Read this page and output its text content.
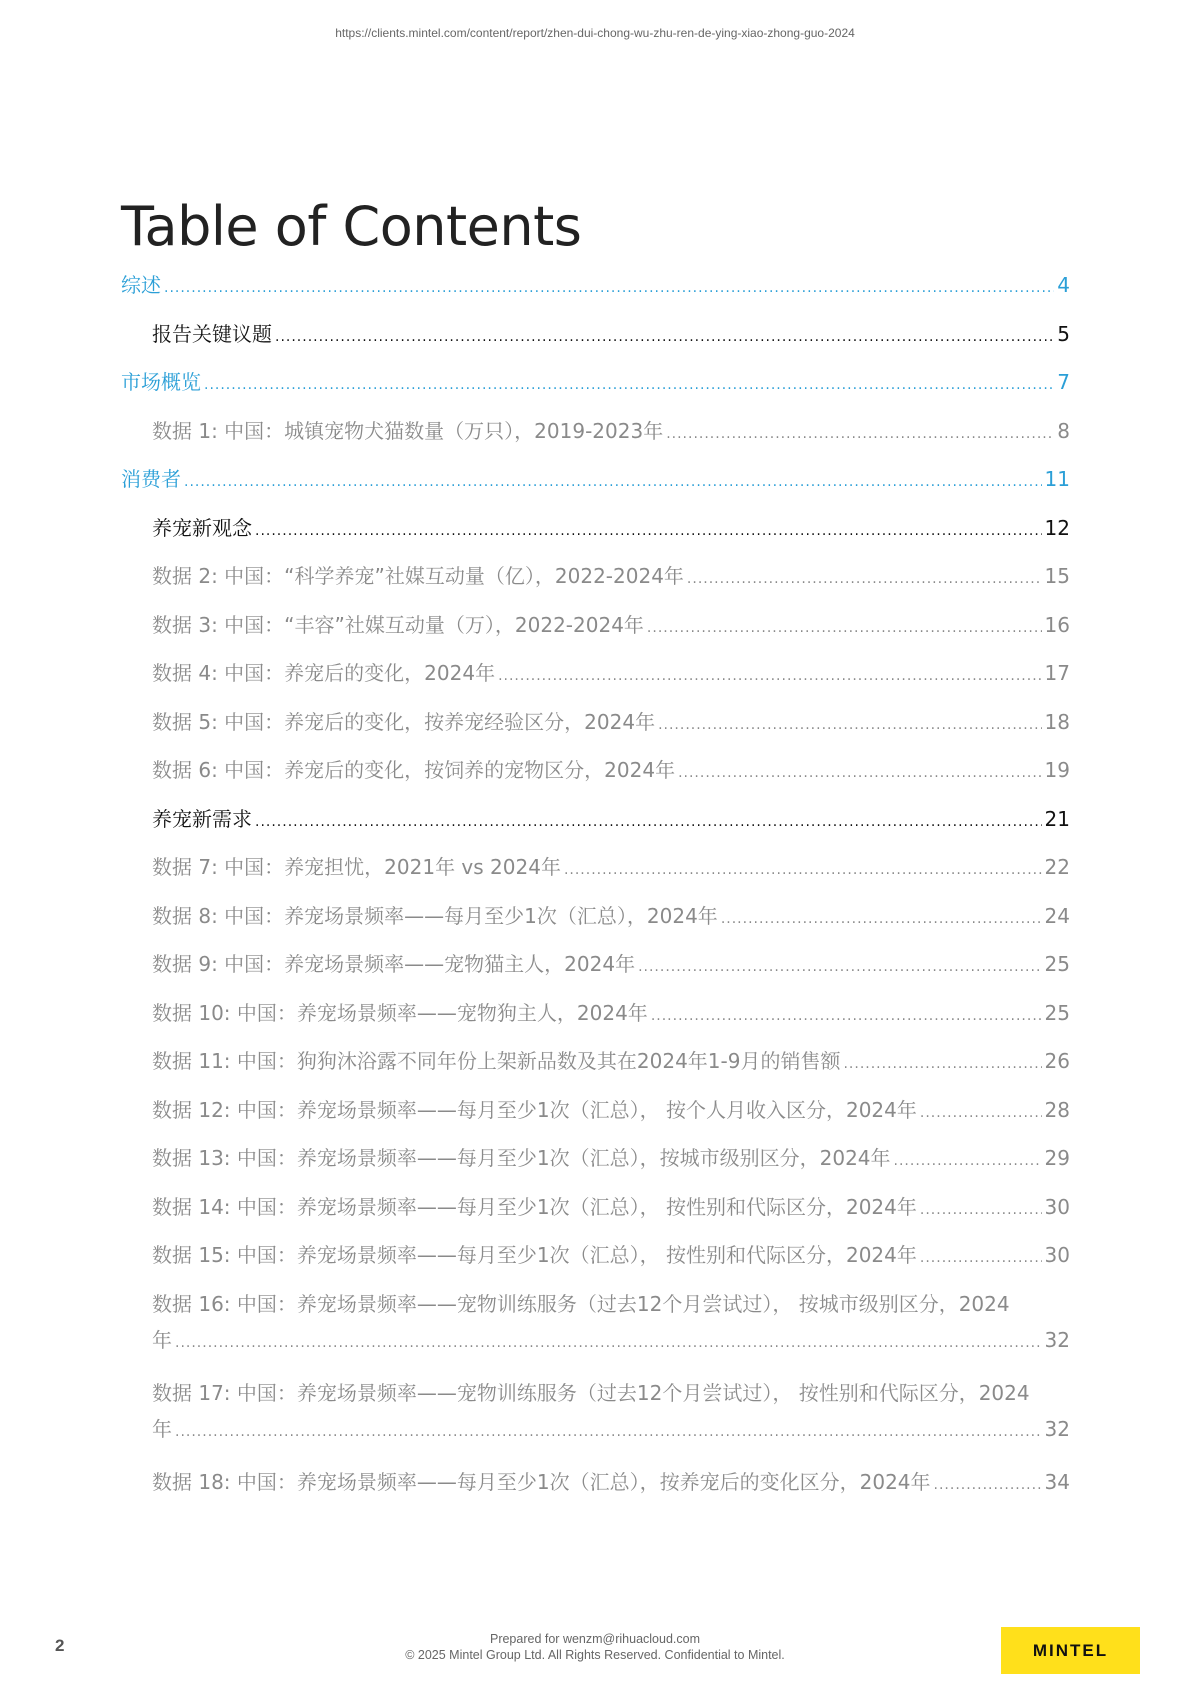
https://clients.mintel.com/content/report/zhen-dui-chong-wu-zhu-ren-de-ying-xiao-zhong-guo-2024
Table of Contents
综述 .....	4
报告关键议题 .....	5
市场概览 .....	7
数据 1: 中国：城镇宠物犬猫数量（万只），2019-2023年 .....	8
消费者 .....	11
养宠新观念 .....	12
数据 2: 中国：“科学养宠”社媒互动量（亿），2022-2024年 .....	15
数据 3: 中国：“丰容”社媒互动量（万），2022-2024年 .....	16
数据 4: 中国：养宠后的变化，2024年 .....	17
数据 5: 中国：养宠后的变化，按养宠经验区分，2024年 .....	18
数据 6: 中国：养宠后的变化，按饲养的宠物区分，2024年 .....	19
养宠新需求 .....	21
数据 7: 中国：养宠担忧，2021年 vs 2024年 .....	22
数据 8: 中国：养宠场景频率——每月至少1次（汇总），2024年 .....	24
数据 9: 中国：养宠场景频率——宠物猫主人，2024年 .....	25
数据 10: 中国：养宠场景频率——宠物狗主人，2024年 .....	25
数据 11: 中国：狗狗沐浴露不同年份上架新品数及其在2024年1-9月的销售额 .....	26
数据 12: 中国：养宠场景频率——每月至少1次（汇总）， 按个人月收入区分，2024年 .....	28
数据 13: 中国：养宠场景频率——每月至少1次（汇总），按城市级别区分，2024年 .....	29
数据 14: 中国：养宠场景频率——每月至少1次（汇总）， 按性别和代际区分，2024年 .....	30
数据 15: 中国：养宠场景频率——每月至少1次（汇总）， 按性别和代际区分，2024年 .....	30
数据 16: 中国：养宠场景频率——宠物训练服务（过去12个月尝试过）， 按城市级别区分，2024
年 .....	32
数据 17: 中国：养宠场景频率——宠物训练服务（过去12个月尝试过）， 按性别和代际区分，2024
年 .....	32
数据 18: 中国：养宠场景频率——每月至少1次（汇总），按养宠后的变化区分，2024年 .....	34
2	Prepared for wenzm@rihuacloud.com
© 2025 Mintel Group Ltd. All Rights Reserved. Confidential to Mintel.	MINTEL
